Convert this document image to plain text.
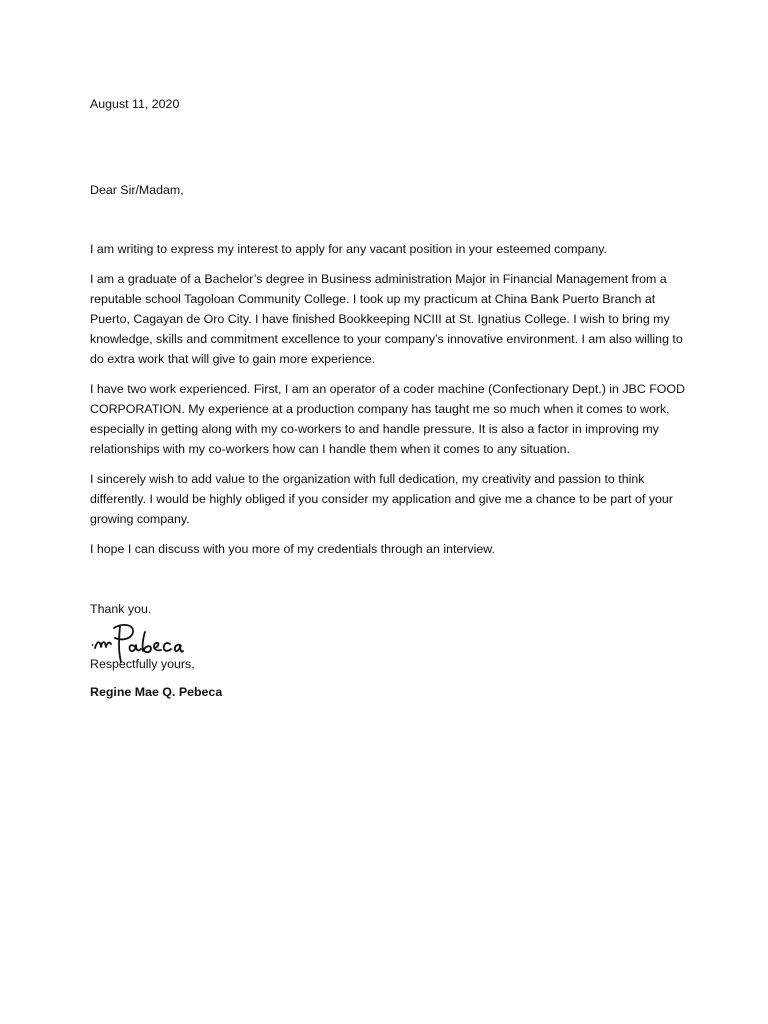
August 11, 2020

Dear Sir/Madam,

I am writing to express my interest to apply for any vacant position in your esteemed company.

I am a graduate of a Bachelor’s degree in Business administration Major in Financial Management from a reputable school Tagoloan Community College. I took up my practicum at China Bank Puerto Branch at Puerto, Cagayan de Oro City. I have finished Bookkeeping NCIII at St. Ignatius College. I wish to bring my knowledge, skills and commitment excellence to your company’s innovative environment. I am also willing to do extra work that will give to gain more experience.

I have two work experienced. First, I am an operator of a coder machine (Confectionary Dept.) in JBC FOOD CORPORATION. My experience at a production company has taught me so much when it comes to work, especially in getting along with my co-workers to and handle pressure. It is also a factor in improving my relationships with my co-workers how can I handle them when it comes to any situation.

I sincerely wish to add value to the organization with full dedication, my creativity and passion to think differently. I would be highly obliged if you consider my application and give me a chance to be part of your growing company.

I hope I can discuss with you more of my credentials through an interview.

Thank you.

Respectfully yours,

Regine Mae Q. Pebeca
